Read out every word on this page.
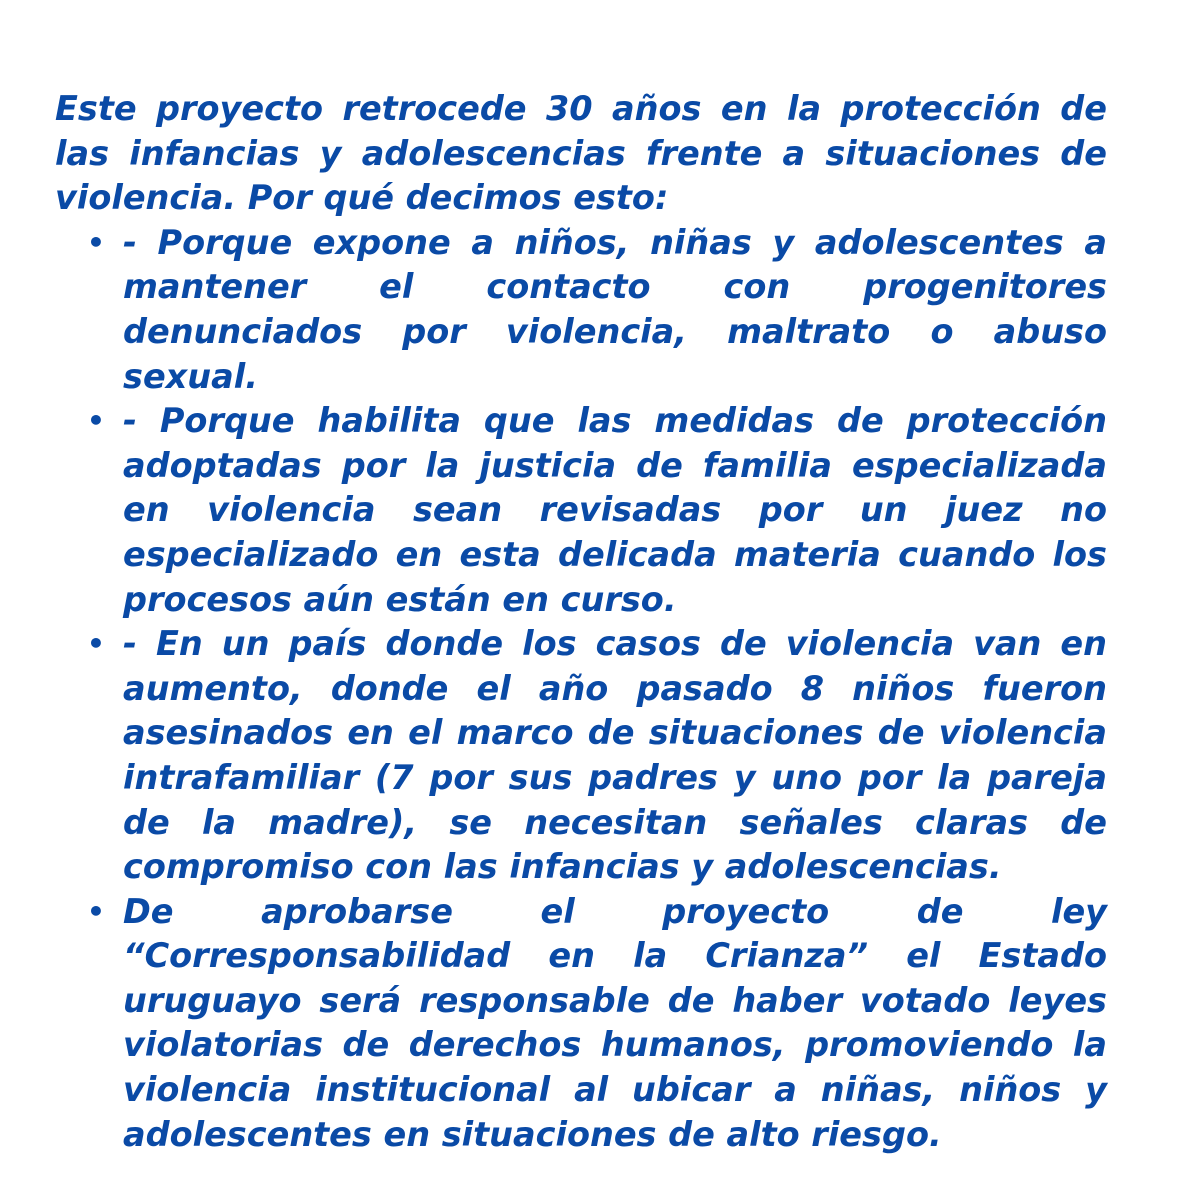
Este proyecto retrocede 30 años en la protección de las infancias y adolescencias frente a situaciones de violencia. Por qué decimos esto:

• - Porque expone a niños, niñas y adolescentes a mantener el contacto con progenitores denunciados por violencia, maltrato o abuso sexual.
• - Porque habilita que las medidas de protección adoptadas por la justicia de familia especializada en violencia sean revisadas por un juez no especializado en esta delicada materia cuando los procesos aún están en curso.
• - En un país donde los casos de violencia van en aumento, donde el año pasado 8 niños fueron asesinados en el marco de situaciones de violencia intrafamiliar (7 por sus padres y uno por la pareja de la madre), se necesitan señales claras de compromiso con las infancias y adolescencias.
• De aprobarse el proyecto de ley “Corresponsabilidad en la Crianza” el Estado uruguayo será responsable de haber votado leyes violatorias de derechos humanos, promoviendo la violencia institucional al ubicar a niñas, niños y adolescentes en situaciones de alto riesgo.
